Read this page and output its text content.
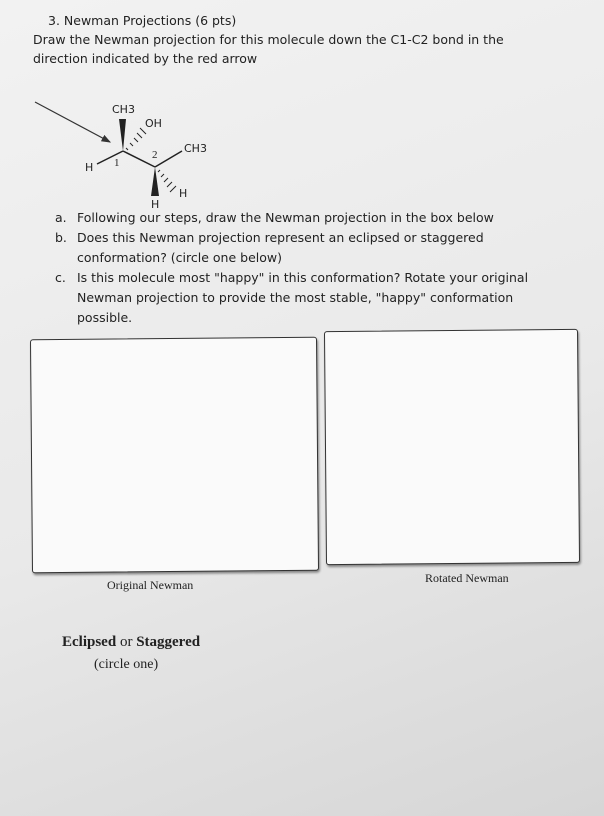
3. Newman Projections (6 pts)
Draw the Newman projection for this molecule down the C1-C2 bond in the
direction indicated by the red arrow
CH3
OH
CH3
H 1
2
H
H
a. Following our steps, draw the Newman projection in the box below
b. Does this Newman projection represent an eclipsed or staggered
conformation? (circle one below)
c. Is this molecule most "happy" in this conformation? Rotate your original
Newman projection to provide the most stable, "happy" conformation
possible.
Original Newman	Rotated Newman
Eclipsed or Staggered
(circle one)
